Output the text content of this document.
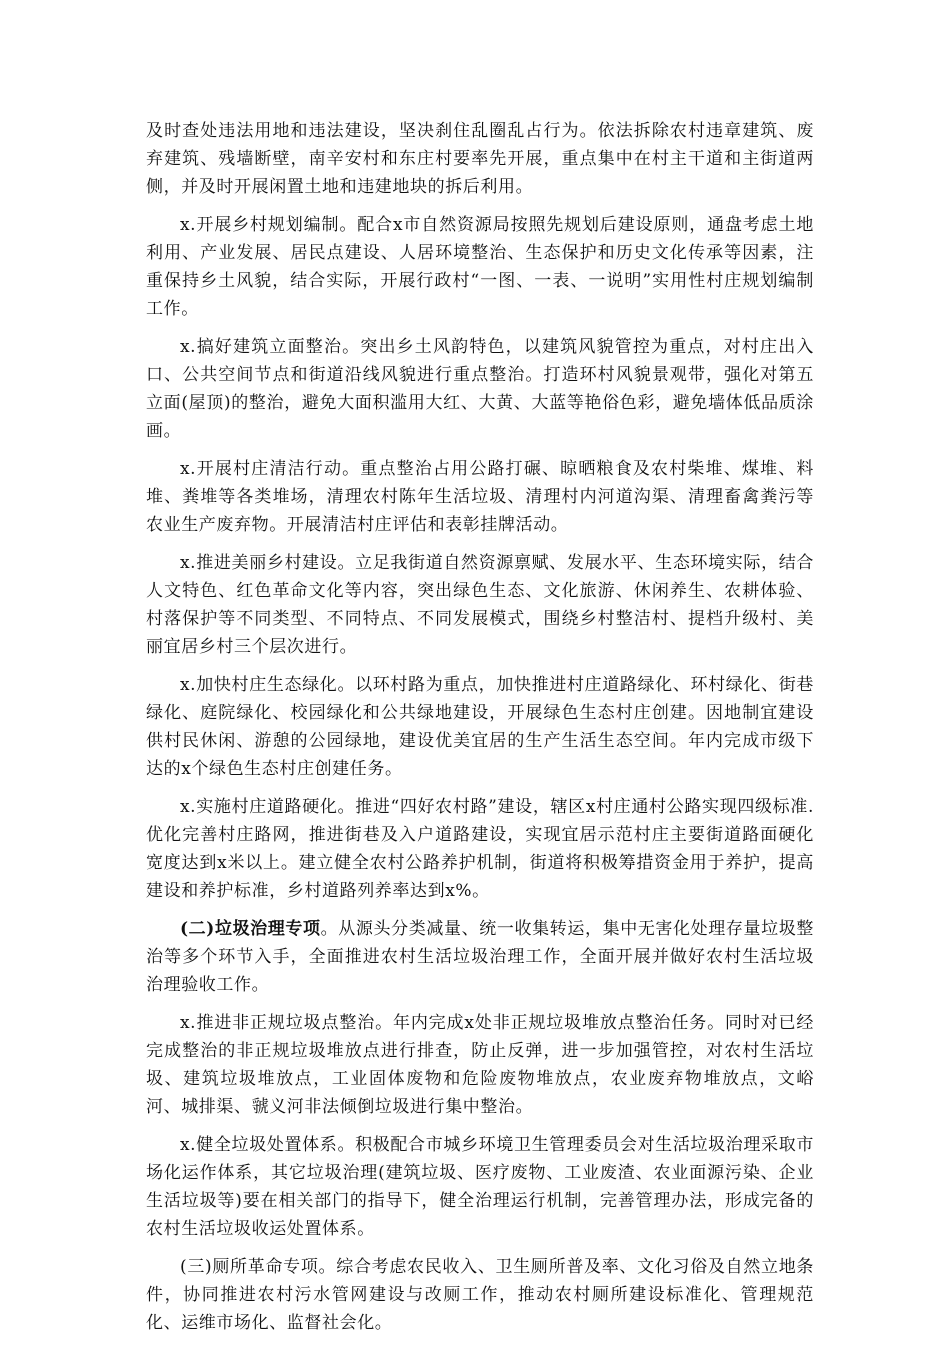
及时查处违法用地和违法建设，坚决刹住乱圈乱占行为。依法拆除农村违章建筑、废弃建筑、残墙断壁，南辛安村和东庄村要率先开展，重点集中在村主干道和主街道两侧，并及时开展闲置土地和违建地块的拆后利用。

x.开展乡村规划编制。配合x市自然资源局按照先规划后建设原则，通盘考虑土地利用、产业发展、居民点建设、人居环境整治、生态保护和历史文化传承等因素，注重保持乡土风貌，结合实际，开展行政村“一图、一表、一说明”实用性村庄规划编制工作。

x.搞好建筑立面整治。突出乡土风韵特色，以建筑风貌管控为重点，对村庄出入口、公共空间节点和街道沿线风貌进行重点整治。打造环村风貌景观带，强化对第五立面(屋顶)的整治，避免大面积滥用大红、大黄、大蓝等艳俗色彩，避免墙体低品质涂画。

x.开展村庄清洁行动。重点整治占用公路打碾、晾晒粮食及农村柴堆、煤堆、料堆、粪堆等各类堆场，清理农村陈年生活垃圾、清理村内河道沟渠、清理畜禽粪污等农业生产废弃物。开展清洁村庄评估和表彰挂牌活动。

x.推进美丽乡村建设。立足我街道自然资源禀赋、发展水平、生态环境实际，结合人文特色、红色革命文化等内容，突出绿色生态、文化旅游、休闲养生、农耕体验、村落保护等不同类型、不同特点、不同发展模式，围绕乡村整洁村、提档升级村、美丽宜居乡村三个层次进行。

x.加快村庄生态绿化。以环村路为重点，加快推进村庄道路绿化、环村绿化、街巷绿化、庭院绿化、校园绿化和公共绿地建设，开展绿色生态村庄创建。因地制宜建设供村民休闲、游憩的公园绿地，建设优美宜居的生产生活生态空间。年内完成市级下达的x个绿色生态村庄创建任务。

x.实施村庄道路硬化。推进“四好农村路”建设，辖区x村庄通村公路实现四级标准.优化完善村庄路网，推进街巷及入户道路建设，实现宜居示范村庄主要街道路面硬化宽度达到x米以上。建立健全农村公路养护机制，街道将积极筹措资金用于养护，提高建设和养护标准，乡村道路列养率达到x%。

(二)垃圾治理专项。从源头分类减量、统一收集转运，集中无害化处理存量垃圾整治等多个环节入手，全面推进农村生活垃圾治理工作，全面开展并做好农村生活垃圾治理验收工作。

x.推进非正规垃圾点整治。年内完成x处非正规垃圾堆放点整治任务。同时对已经完成整治的非正规垃圾堆放点进行排查，防止反弹，进一步加强管控，对农村生活垃圾、建筑垃圾堆放点，工业固体废物和危险废物堆放点，农业废弃物堆放点，文峪河、城排渠、虢义河非法倾倒垃圾进行集中整治。

x.健全垃圾处置体系。积极配合市城乡环境卫生管理委员会对生活垃圾治理采取市场化运作体系，其它垃圾治理(建筑垃圾、医疗废物、工业废渣、农业面源污染、企业生活垃圾等)要在相关部门的指导下，健全治理运行机制，完善管理办法，形成完备的农村生活垃圾收运处置体系。

(三)厕所革命专项。综合考虑农民收入、卫生厕所普及率、文化习俗及自然立地条件，协同推进农村污水管网建设与改厕工作，推动农村厕所建设标准化、管理规范化、运维市场化、监督社会化。
